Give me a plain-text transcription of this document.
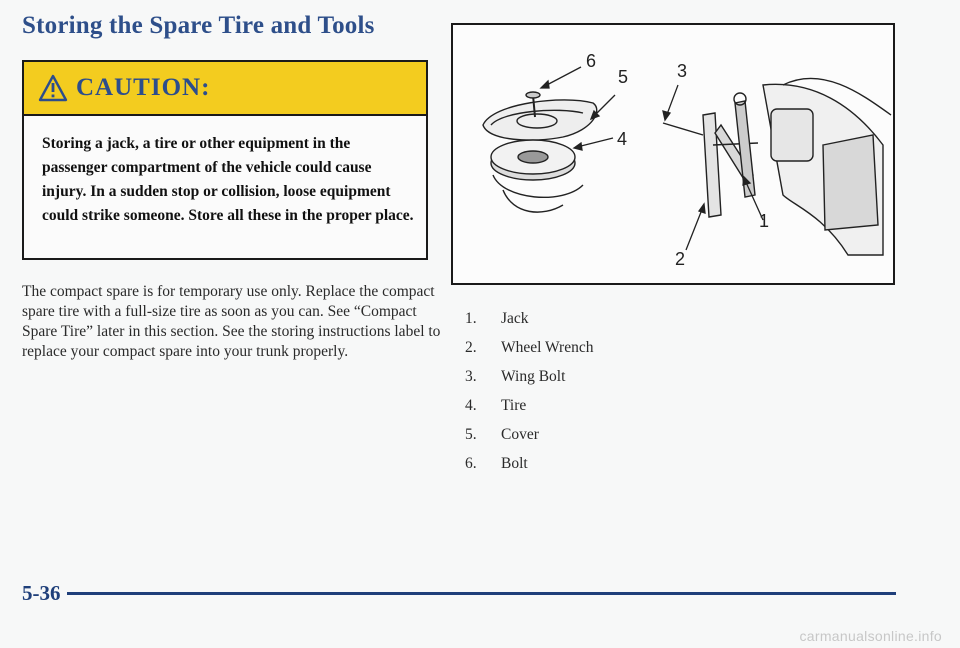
Storing the Spare Tire and Tools
CAUTION:

Storing a jack, a tire or other equipment in the passenger compartment of the vehicle could cause injury. In a sudden stop or collision, loose equipment could strike someone. Store all these in the proper place.

The compact spare is for temporary use only. Replace the compact spare tire with a full-size tire as soon as you can. See “Compact Spare Tire” later in this section. See the storing instructions label to replace your compact spare into your trunk properly.

6
5	3
4
1
2
1.	Jack
2.	Wheel Wrench
3.	Wing Bolt
4.	Tire
5.	Cover
6.	Bolt
5-36
carmanualsonline.info
